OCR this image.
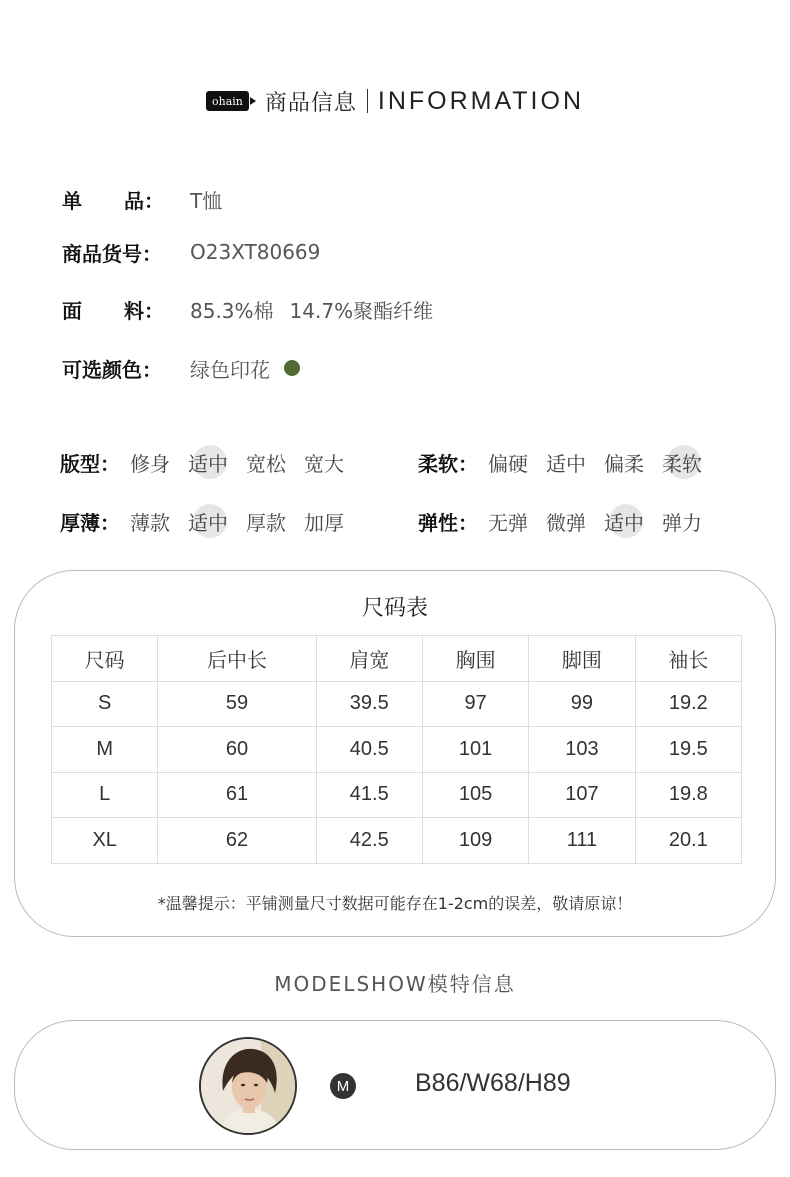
ohain 商品信息 INFORMATION
单 品： T恤
商品货号： O23XT80669
面 料： 85.3%棉 14.7%聚酯纤维
可选颜色： 绿色印花
版型： 修身 适中 宽松 宽大	柔软： 偏硬 适中 偏柔 柔软
厚薄： 薄款 适中 厚款 加厚	弹性： 无弹 微弹 适中 弹力
尺码表
尺码	后中长	肩宽	胸围	脚围	袖长
S	59	39.5	97	99	19.2
M	60	40.5	101	103	19.5
L	61	41.5	105	107	19.8
XL	62	42.5	109	111	20.1
*温馨提示：平铺测量尺寸数据可能存在1-2cm的误差，敬请原谅！
MODELSHOW模特信息
M	B86/W68/H89
